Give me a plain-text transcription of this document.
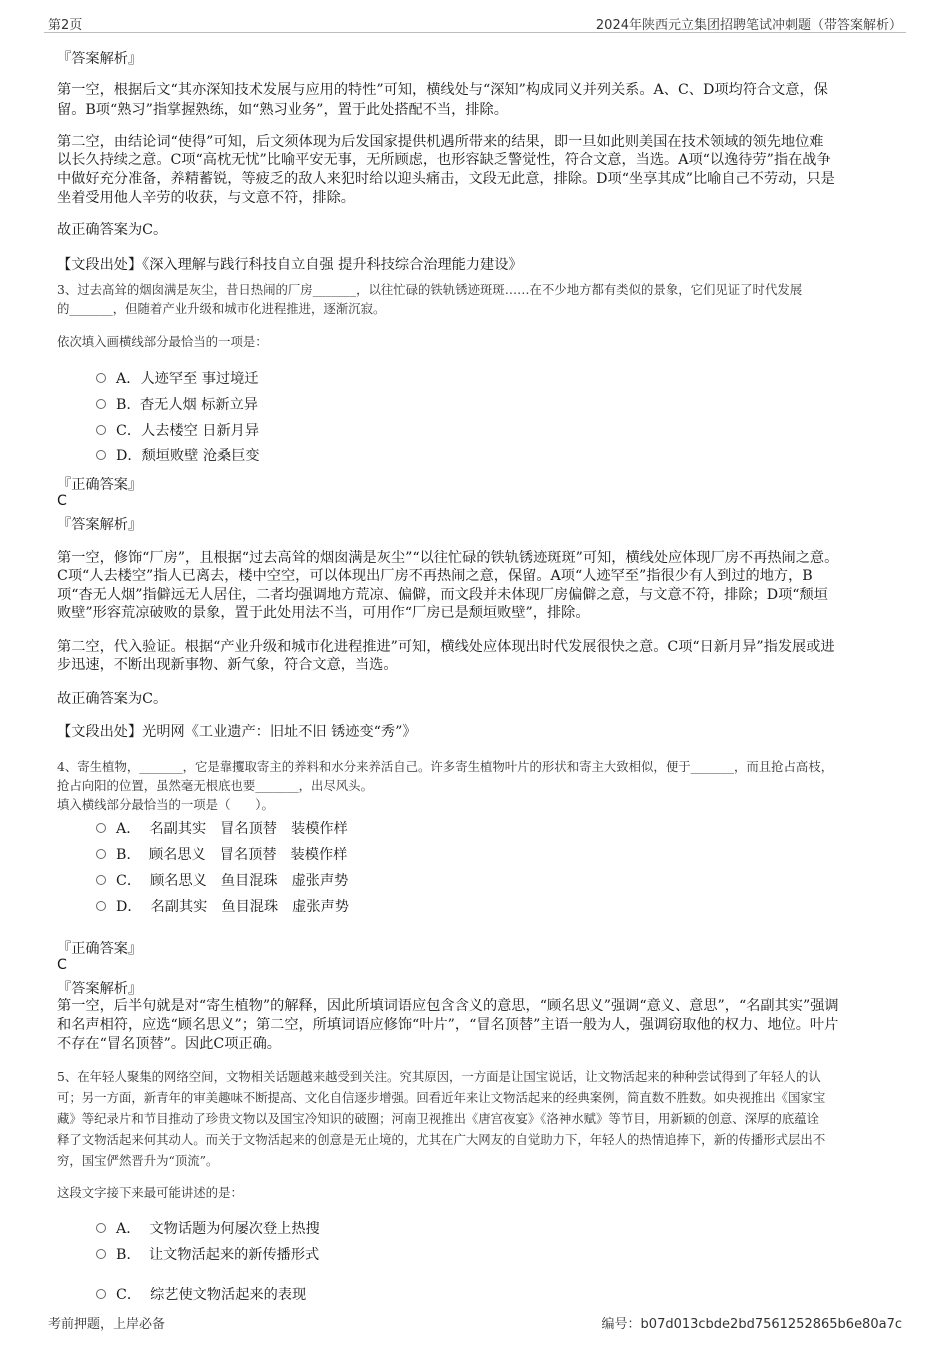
第2页	2024年陕西元立集团招聘笔试冲刺题（带答案解析）
『答案解析』
第一空，根据后文“其亦深知技术发展与应用的特性”可知，横线处与“深知”构成同义并列关系。A、C、D项均符合文意，保
留。B项“熟习”指掌握熟练，如“熟习业务”，置于此处搭配不当，排除。
第二空，由结论词“使得”可知，后文须体现为后发国家提供机遇所带来的结果，即一旦如此则美国在技术领域的领先地位难
以长久持续之意。C项“高枕无忧”比喻平安无事，无所顾虑，也形容缺乏警觉性，符合文意，当选。A项“以逸待劳”指在战争
中做好充分准备，养精蓄锐，等疲乏的敌人来犯时给以迎头痛击，文段无此意，排除。D项“坐享其成”比喻自己不劳动，只是
坐着受用他人辛劳的收获，与文意不符，排除。
故正确答案为C。
【文段出处】《深入理解与践行科技自立自强 提升科技综合治理能力建设》
3、过去高耸的烟囱满是灰尘，昔日热闹的厂房_______，以往忙碌的铁轨锈迹斑斑……在不少地方都有类似的景象，它们见证了时代发展
的_______，但随着产业升级和城市化进程推进，逐渐沉寂。
依次填入画横线部分最恰当的一项是：
A．人迹罕至 事过境迁
B. 杳无人烟 标新立异
C．人去楼空 日新月异
D．颓垣败壁 沧桑巨变
『正确答案』
C
『答案解析』
第一空，修饰“厂房”，且根据“过去高耸的烟囱满是灰尘”“以往忙碌的铁轨锈迹斑斑”可知，横线处应体现厂房不再热闹之意。
C项“人去楼空”指人已离去，楼中空空，可以体现出厂房不再热闹之意，保留。A项“人迹罕至”指很少有人到过的地方，B
项“杳无人烟”指僻远无人居住，二者均强调地方荒凉、偏僻，而文段并未体现厂房偏僻之意，与文意不符，排除；D项“颓垣
败壁”形容荒凉破败的景象，置于此处用法不当，可用作“厂房已是颓垣败壁”，排除。
第二空，代入验证。根据“产业升级和城市化进程推进”可知，横线处应体现出时代发展很快之意。C项“日新月异”指发展或进
步迅速，不断出现新事物、新气象，符合文意，当选。
故正确答案为C。
【文段出处】光明网《工业遗产：旧址不旧 锈迹变“秀”》
4、寄生植物，_______，它是靠攫取寄主的养料和水分来养活自己。许多寄生植物叶片的形状和寄主大致相似，便于_______，而且抢占高枝，
抢占向阳的位置，虽然毫无根底也要_______，出尽风头。
填入横线部分最恰当的一项是（　　）。
A． 名副其实 冒名顶替 装模作样
B. 顾名思义 冒名顶替 装模作样
C． 顾名思义 鱼目混珠 虚张声势
D． 名副其实 鱼目混珠 虚张声势
『正确答案』
C
『答案解析』
第一空，后半句就是对“寄生植物”的解释，因此所填词语应包含含义的意思，“顾名思义”强调“意义、意思”，“名副其实”强调
和名声相符，应选“顾名思义”；第二空，所填词语应修饰“叶片”，“冒名顶替”主语一般为人，强调窃取他的权力、地位。叶片
不存在“冒名顶替”。因此C项正确。
5、在年轻人聚集的网络空间，文物相关话题越来越受到关注。究其原因，一方面是让国宝说话，让文物活起来的种种尝试得到了年轻人的认
可；另一方面，新青年的审美趣味不断提高、文化自信逐步增强。回看近年来让文物活起来的经典案例，简直数不胜数。如央视推出《国家宝
藏》等纪录片和节目推动了珍贵文物以及国宝冷知识的破圈；河南卫视推出《唐宫夜宴》《洛神水赋》等节目，用新颖的创意、深厚的底蕴诠
释了文物活起来何其动人。而关于文物活起来的创意是无止境的，尤其在广大网友的自觉助力下，年轻人的热情追捧下，新的传播形式层出不
穷，国宝俨然晋升为“顶流”。
这段文字接下来最可能讲述的是：
A． 文物话题为何屡次登上热搜
B. 让文物活起来的新传播形式
C． 综艺使文物活起来的表现
考前押题，上岸必备	编号：b07d013cbde2bd7561252865b6e80a7c
